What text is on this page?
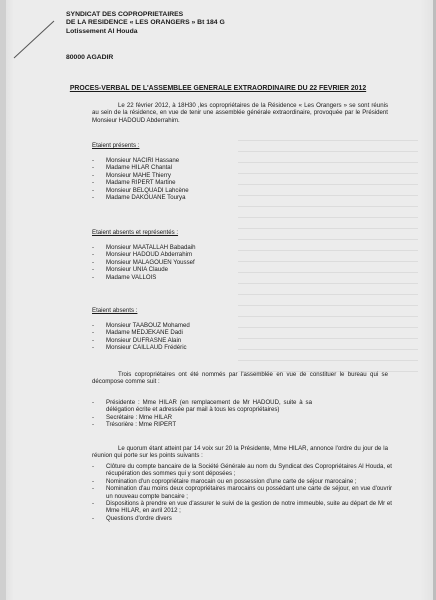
SYNDICAT DES COPROPRIETAIRES
DE LA RESIDENCE « LES ORANGERS » Bt 184 G
Lotissement Al Houda
80000 AGADIR
PROCES-VERBAL DE L'ASSEMBLEE GENERALE EXTRAORDINAIRE DU 22 FEVRIER 2012
Le 22 février 2012, à 18H30 ,les copropriétaires de la Résidence « Les Orangers » se sont réunis au sein de la résidence, en vue de tenir une assemblée générale extraordinaire, provoquée par le Président Monsieur HADOUD Abderrahim.
Etaient présents :
- Monsieur NACIRI Hassane
- Madame HILAR Chantal
- Monsieur MAHE Thierry
- Madame RIPERT Martine
- Monsieur BELQUADI Lahcène
- Madame DAKOUANE Tourya
Etaient absents et représentés :
- Monsieur MAATALLAH Babadaih
- Monsieur HADOUD Abderrahim
- Monsieur MALAGOUEN Youssef
- Monsieur UNIA Claude
- Madame VALLOIS
Etaient absents :
- Monsieur TAABOUZ Mohamed
- Madame MEDJEKANE Dadi
- Monsieur DUFRASNE Alain
- Monsieur CAILLAUD Frédéric
Trois copropriétaires ont été nommés par l'assemblée en vue de constituer le bureau qui se décompose comme suit :
- Présidente : Mme HILAR (en remplacement de Mr HADOUD, suite à sa délégation écrite et adressée par mail à tous les copropriétaires)
- Secrétaire : Mme HILAR
- Trésorière : Mme RIPERT
Le quorum étant atteint par 14 voix sur 20 la Présidente, Mme HILAR, annonce l'ordre du jour de la réunion qui porte sur les points suivants :
- Clôture du compte bancaire de la Société Générale au nom du Syndicat des Copropriétaires Al Houda, et récupération des sommes qui y sont déposées ;
- Nomination d'un copropriétaire marocain ou en possession d'une carte de séjour marocaine ;
- Nomination d'au moins deux copropriétaires marocains ou possédant une carte de séjour, en vue d'ouvrir un nouveau compte bancaire ;
- Dispositions à prendre en vue d'assurer le suivi de la gestion de notre immeuble, suite au départ de Mr et Mme HILAR, en avril 2012 ;
- Questions d'ordre divers
